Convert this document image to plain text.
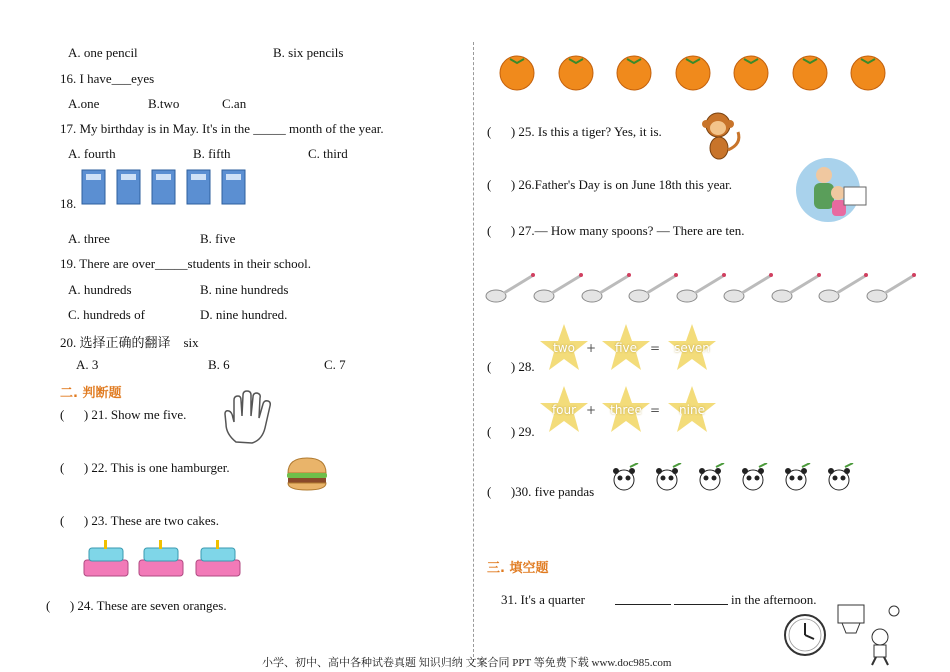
A. one pencil	B. six pencils
16. I have___eyes
A.one	B.two	C.an
17. My birthday is in May. It's in the _____ month of the year.
A. fourth	B. fifth	C. third
18.
A. three	B. five
19. There are over_____students in their school.
A. hundreds	B. nine hundreds
C. hundreds of	D. nine hundred.
20. 选择正确的翻译    six
A. 3	B. 6	C. 7
二. 判断题
(      ) 21. Show me five.
(      ) 22. This is one hamburger.
(      ) 23. These are two cakes.
(      ) 24. These are seven oranges.
(      ) 25. Is this a tiger? Yes, it is.
(      ) 26.Father's Day is on June 18th this year.
(      ) 27.— How many spoons? — There are ten.
two +	five	=	seven
(      ) 28.
four +	three =	nine
(      ) 29.
(      )30. five pandas
三. 填空题
31. It's a quarter	in the afternoon.
小学、初中、高中各种试卷真题 知识归纳 文案合同 PPT 等免费下载 www.doc985.com
